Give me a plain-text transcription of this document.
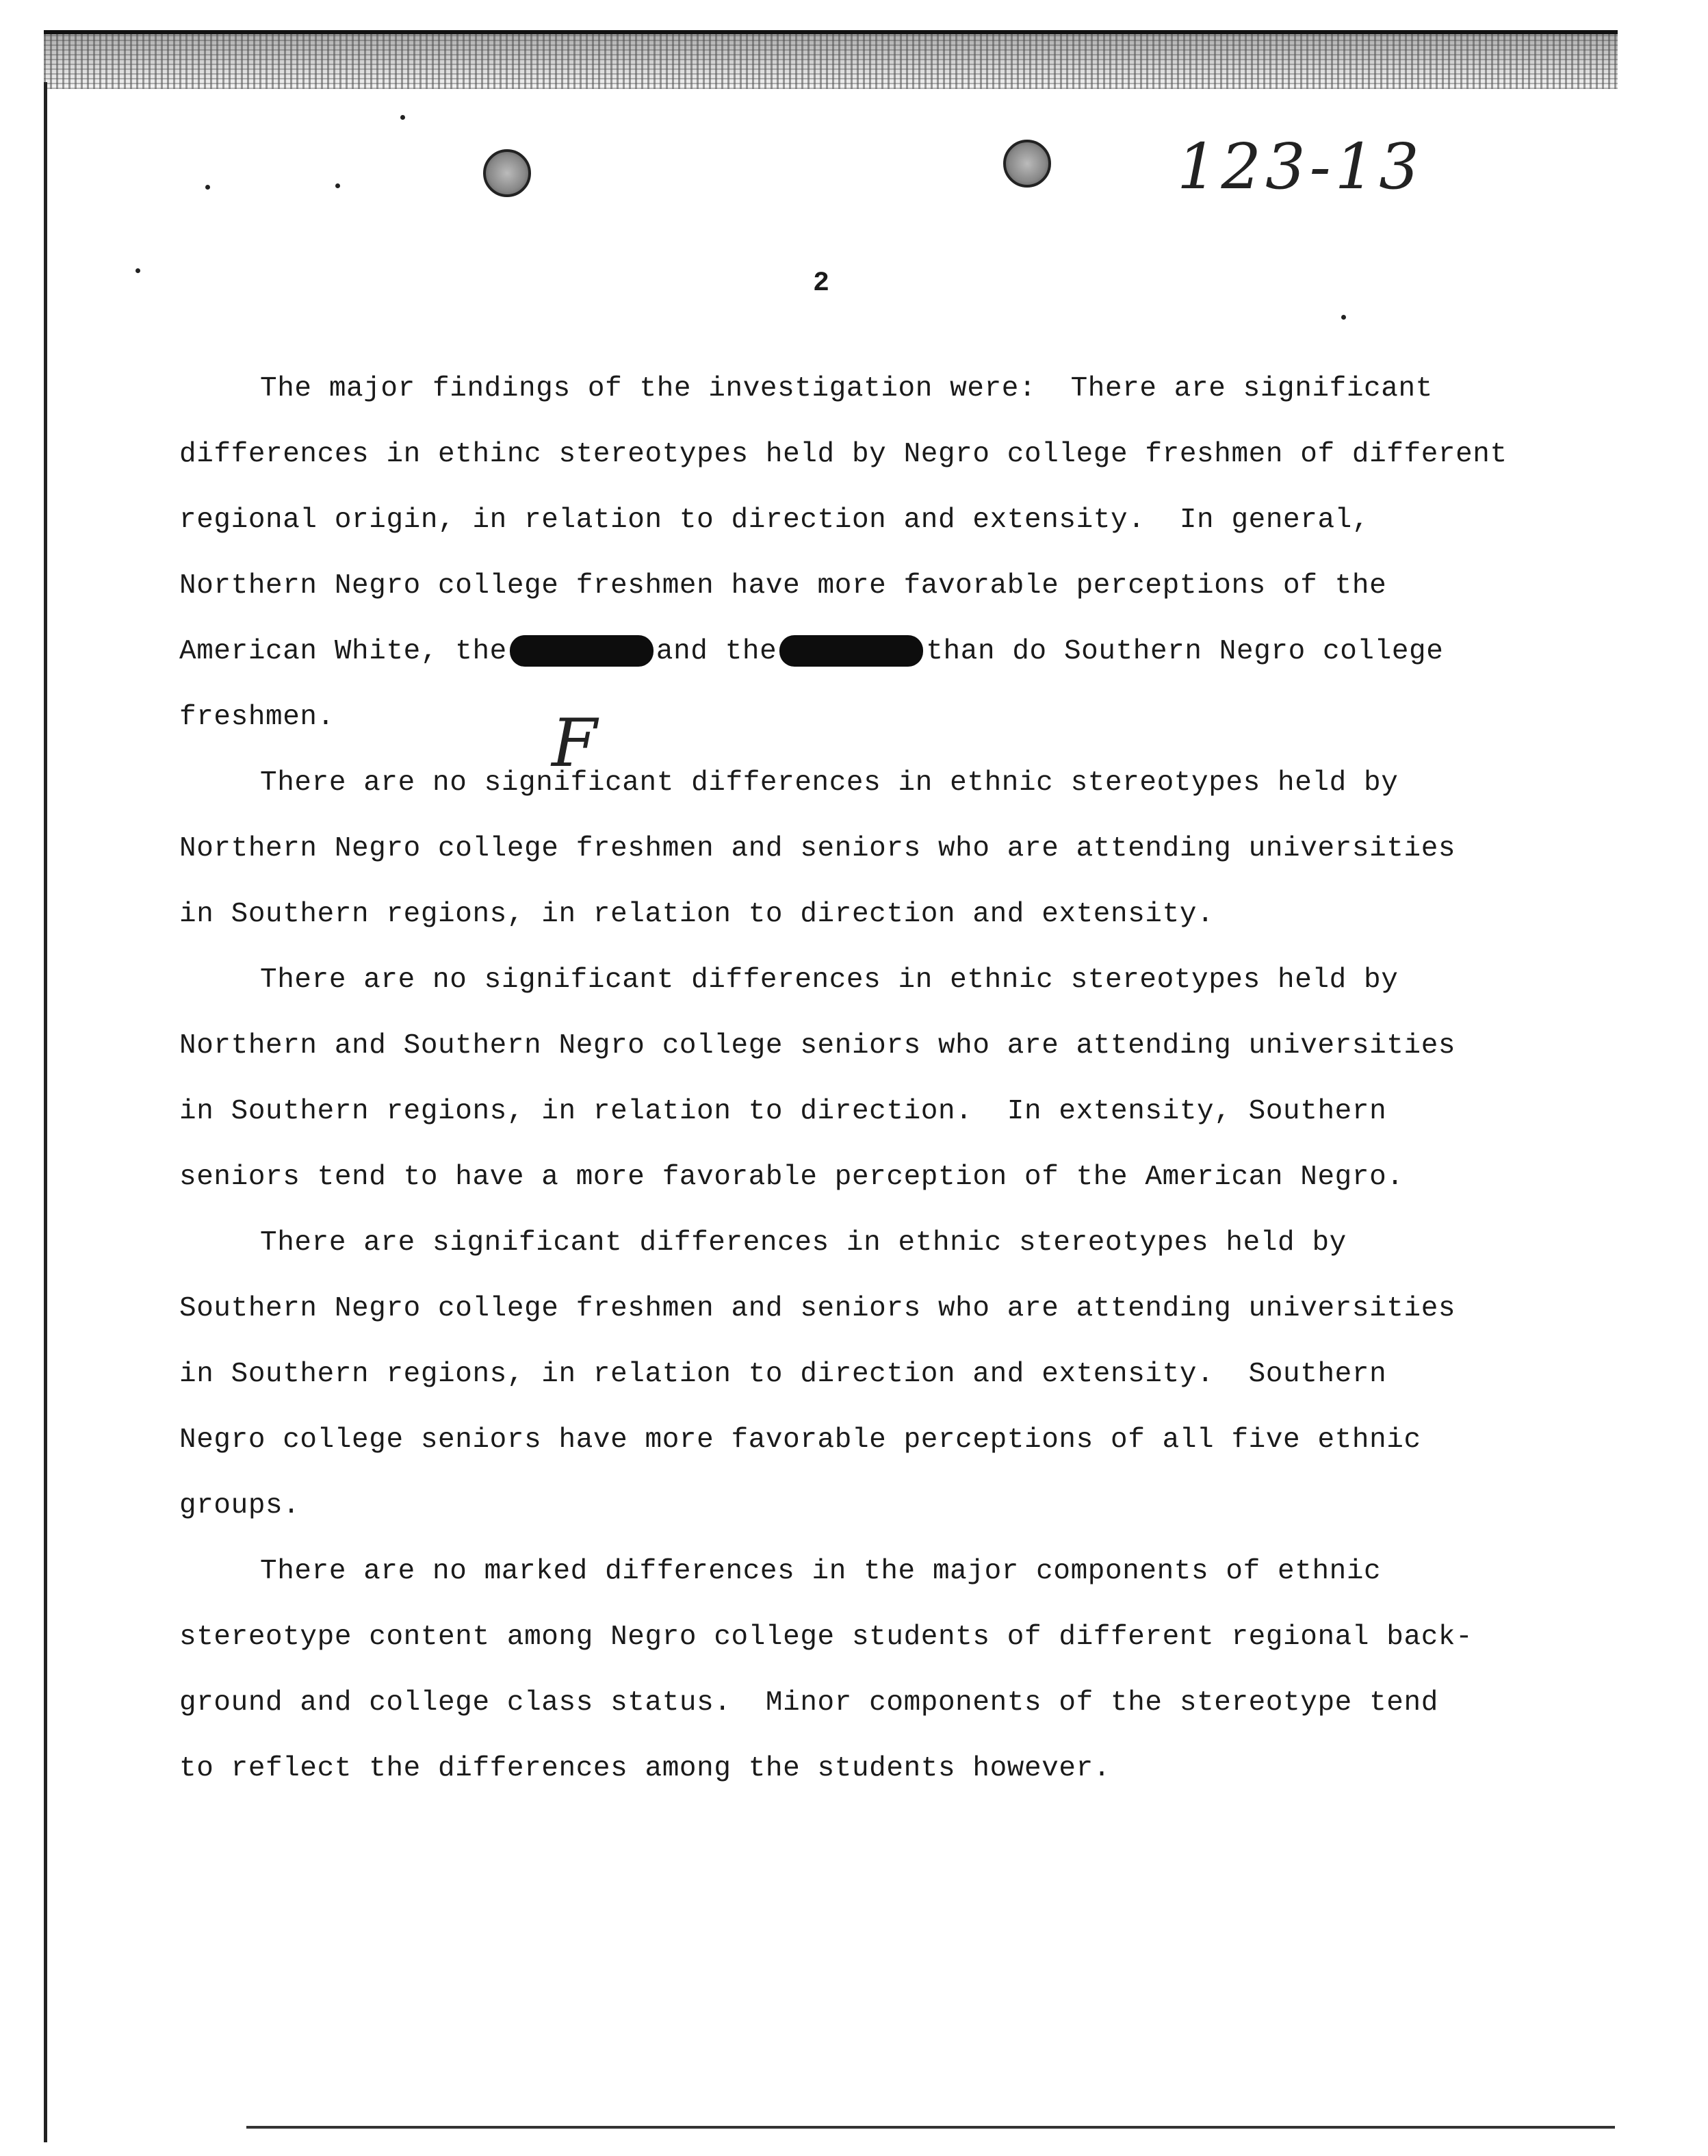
123-13
2
F
The major findings of the investigation were:  There are significant
differences in ethinc stereotypes held by Negro college freshmen of different
regional origin, in relation to direction and extensity.  In general,
Northern Negro college freshmen have more favorable perceptions of the
American White, the	and the	than do Southern Negro college
freshmen.
There are no significant differences in ethnic stereotypes held by
Northern Negro college freshmen and seniors who are attending universities
in Southern regions, in relation to direction and extensity.
There are no significant differences in ethnic stereotypes held by
Northern and Southern Negro college seniors who are attending universities
in Southern regions, in relation to direction.  In extensity, Southern
seniors tend to have a more favorable perception of the American Negro.
There are significant differences in ethnic stereotypes held by
Southern Negro college freshmen and seniors who are attending universities
in Southern regions, in relation to direction and extensity.  Southern
Negro college seniors have more favorable perceptions of all five ethnic
groups.
There are no marked differences in the major components of ethnic
stereotype content among Negro college students of different regional back-
ground and college class status.  Minor components of the stereotype tend
to reflect the differences among the students however.
